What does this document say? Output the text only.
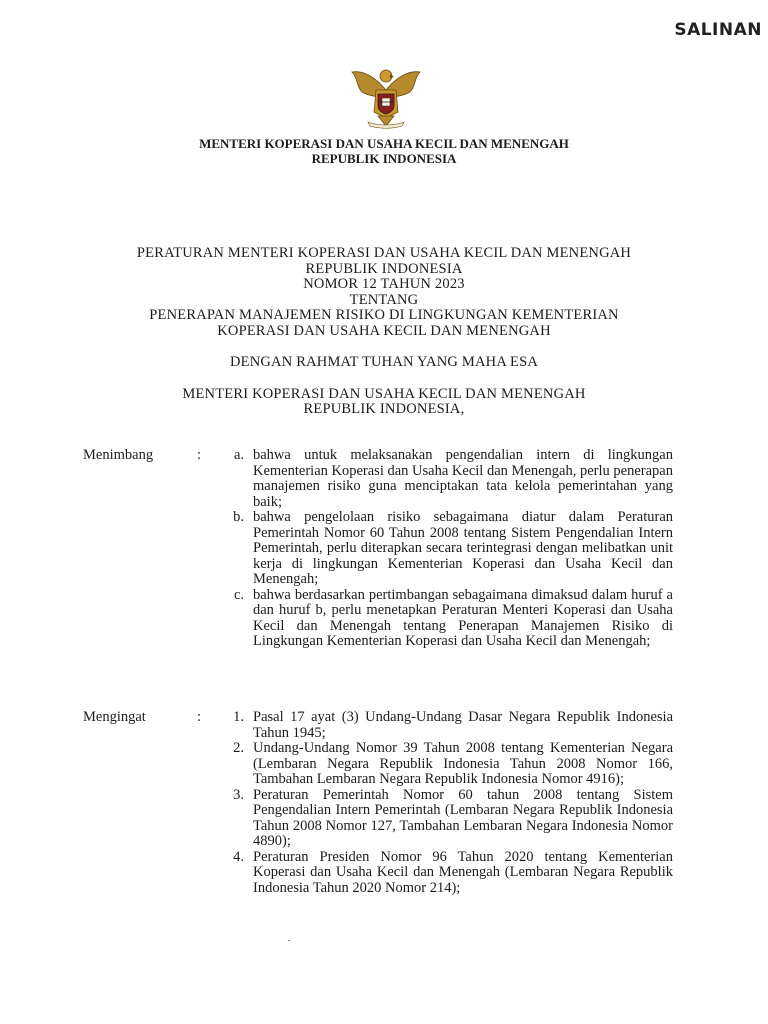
SALINAN
MENTERI KOPERASI DAN USAHA KECIL DAN MENENGAH
REPUBLIK INDONESIA
PERATURAN MENTERI KOPERASI DAN USAHA KECIL DAN MENENGAH
REPUBLIK INDONESIA
NOMOR 12 TAHUN 2023
TENTANG
PENERAPAN MANAJEMEN RISIKO DI LINGKUNGAN KEMENTERIAN
KOPERASI DAN USAHA KECIL DAN MENENGAH
DENGAN RAHMAT TUHAN YANG MAHA ESA
MENTERI KOPERASI DAN USAHA KECIL DAN MENENGAH
REPUBLIK INDONESIA,
Menimbang	:	a. bahwa untuk melaksanakan pengendalian intern di lingkungan Kementerian Koperasi dan Usaha Kecil dan Menengah, perlu penerapan manajemen risiko guna menciptakan tata kelola pemerintahan yang baik;
b. bahwa pengelolaan risiko sebagaimana diatur dalam Peraturan Pemerintah Nomor 60 Tahun 2008 tentang Sistem Pengendalian Intern Pemerintah, perlu diterapkan secara terintegrasi dengan melibatkan unit kerja di lingkungan Kementerian Koperasi dan Usaha Kecil dan Menengah;
c. bahwa berdasarkan pertimbangan sebagaimana dimaksud dalam huruf a dan huruf b, perlu menetapkan Peraturan Menteri Koperasi dan Usaha Kecil dan Menengah tentang Penerapan Manajemen Risiko di Lingkungan Kementerian Koperasi dan Usaha Kecil dan Menengah;
Mengingat	:	1. Pasal 17 ayat (3) Undang-Undang Dasar Negara Republik Indonesia Tahun 1945;
2. Undang-Undang Nomor 39 Tahun 2008 tentang Kementerian Negara (Lembaran Negara Republik Indonesia Tahun 2008 Nomor 166, Tambahan Lembaran Negara Republik Indonesia Nomor 4916);
3. Peraturan Pemerintah Nomor 60 tahun 2008 tentang Sistem Pengendalian Intern Pemerintah (Lembaran Negara Republik Indonesia Tahun 2008 Nomor 127, Tambahan Lembaran Negara Indonesia Nomor 4890);
4. Peraturan Presiden Nomor 96 Tahun 2020 tentang Kementerian Koperasi dan Usaha Kecil dan Menengah (Lembaran Negara Republik Indonesia Tahun 2020 Nomor 214);
